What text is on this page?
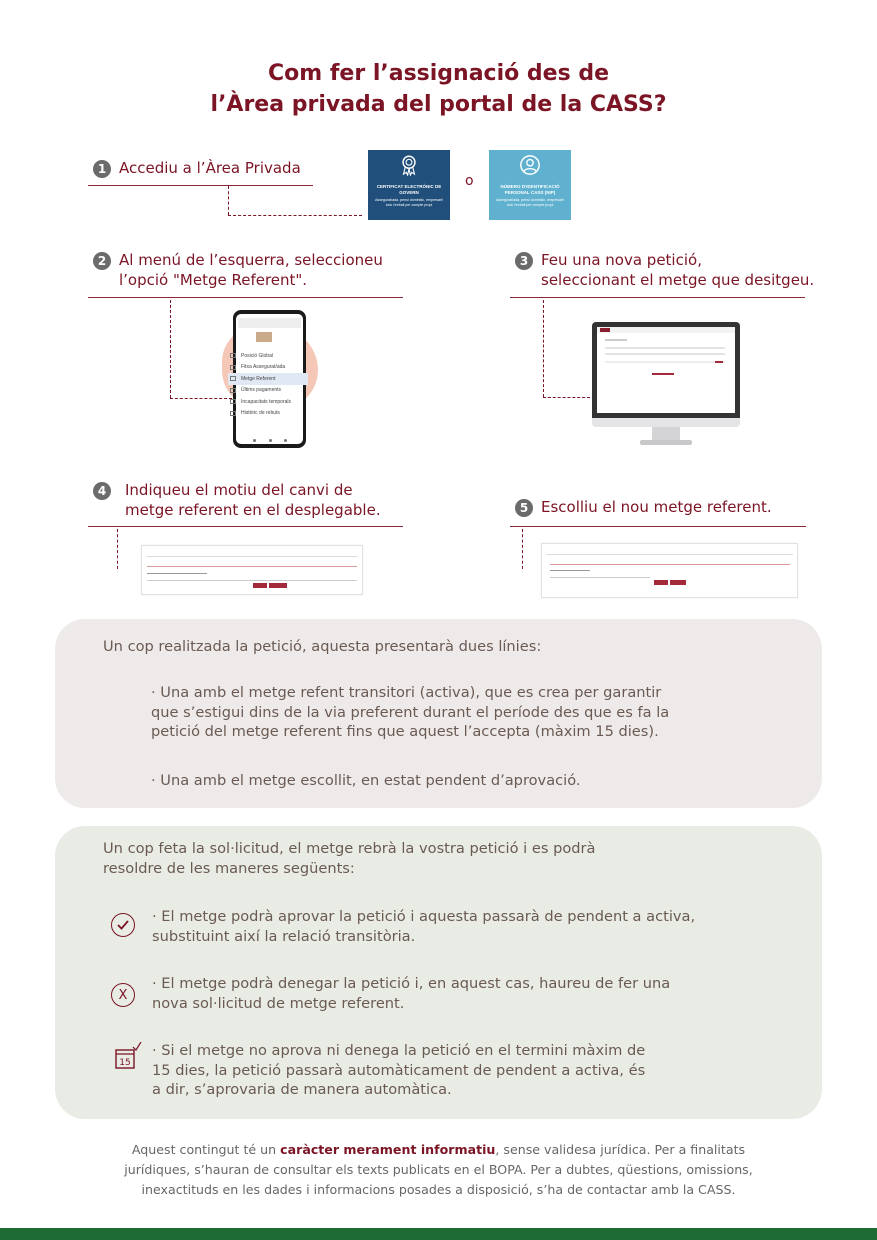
Com fer l’assignació des de
l’Àrea privada del portal de la CASS?
1 Accediu a l’Àrea Privada
CERTIFICAT ELECTRÒNIC DE GOVERN
Assegurat/ada, pensi domèstic, empresari/ària i treball per compte propi
o	NÚMERO D’IDENTIFICACIÓ PERSONAL CASS (NIP)
Assegurat/ada, pensi domèstic, empresari/ària i treball per compte propi
2 Al menú de l’esquerra, seleccioneu
l’opció "Metge Referent".
Posició Global
Fitxa Assegurat/ada
Metge Referent
Últims pagaments
Incapacitats temporals
Històric de rebuts
3 Feu una nova petició,
seleccionant el metge que desitgeu.
4	Indiqueu el motiu del canvi de
metge referent en el desplegable.	5 Escolliu el nou metge referent.
Un cop realitzada la petició, aquesta presentarà dues línies:
· Una amb el metge refent transitori (activa), que es crea per garantir
que s’estigui dins de la via preferent durant el període des que es fa la
petició del metge referent fins que aquest l’accepta (màxim 15 dies).
· Una amb el metge escollit, en estat pendent d’aprovació.
Un cop feta la sol·licitud, el metge rebrà la vostra petició i es podrà
resoldre de les maneres següents:
· El metge podrà aprovar la petició i aquesta passarà de pendent a activa,
substituint així la relació transitòria.
X
· El metge podrà denegar la petició i, en aquest cas, haureu de fer una
nova sol·licitud de metge referent.
15
· Si el metge no aprova ni denega la petició en el termini màxim de
15 dies, la petició passarà automàticament de pendent a activa, és
a dir, s’aprovaria de manera automàtica.
Aquest contingut té un caràcter merament informatiu, sense validesa jurídica. Per a finalitats
jurídiques, s’hauran de consultar els texts publicats en el BOPA. Per a dubtes, qüestions, omissions,
inexactituds en les dades i informacions posades a disposició, s’ha de contactar amb la CASS.
